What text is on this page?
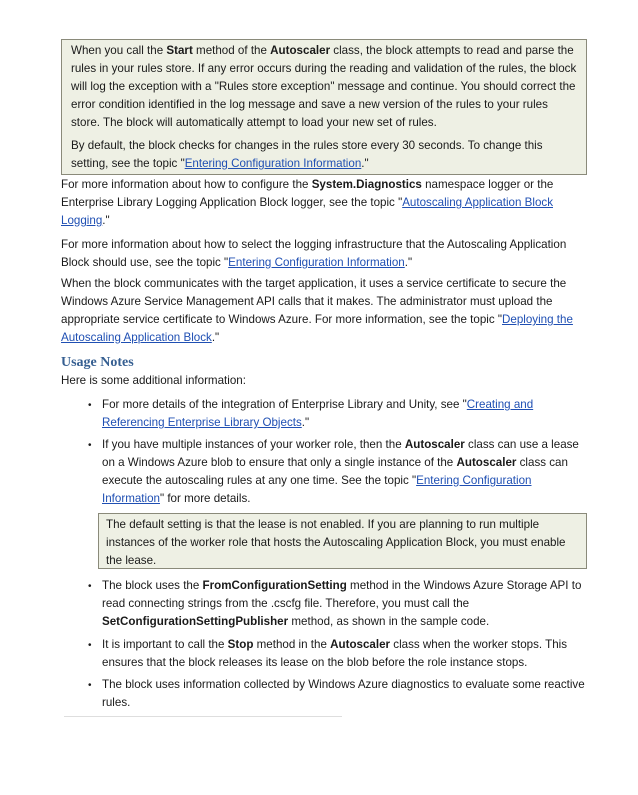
When you call the Start method of the Autoscaler class, the block attempts to read and parse the rules in your rules store. If any error occurs during the reading and validation of the rules, the block will log the exception with a "Rules store exception" message and continue. You should correct the error condition identified in the log message and save a new version of the rules to your rules store. The block will automatically attempt to load your new set of rules.

By default, the block checks for changes in the rules store every 30 seconds. To change this setting, see the topic "Entering Configuration Information."

For more information about how to configure the System.Diagnostics namespace logger or the Enterprise Library Logging Application Block logger, see the topic "Autoscaling Application Block Logging."

For more information about how to select the logging infrastructure that the Autoscaling Application Block should use, see the topic "Entering Configuration Information."

When the block communicates with the target application, it uses a service certificate to secure the Windows Azure Service Management API calls that it makes. The administrator must upload the appropriate service certificate to Windows Azure. For more information, see the topic "Deploying the Autoscaling Application Block."

Usage Notes

Here is some additional information:

• For more details of the integration of Enterprise Library and Unity, see "Creating and Referencing Enterprise Library Objects."

• If you have multiple instances of your worker role, then the Autoscaler class can use a lease on a Windows Azure blob to ensure that only a single instance of the Autoscaler class can execute the autoscaling rules at any one time. See the topic "Entering Configuration Information" for more details.

The default setting is that the lease is not enabled. If you are planning to run multiple instances of the worker role that hosts the Autoscaling Application Block, you must enable the lease.

• The block uses the FromConfigurationSetting method in the Windows Azure Storage API to read connecting strings from the .cscfg file. Therefore, you must call the SetConfigurationSettingPublisher method, as shown in the sample code.

• It is important to call the Stop method in the Autoscaler class when the worker stops. This ensures that the block releases its lease on the blob before the role instance stops.

• The block uses information collected by Windows Azure diagnostics to evaluate some reactive rules.
